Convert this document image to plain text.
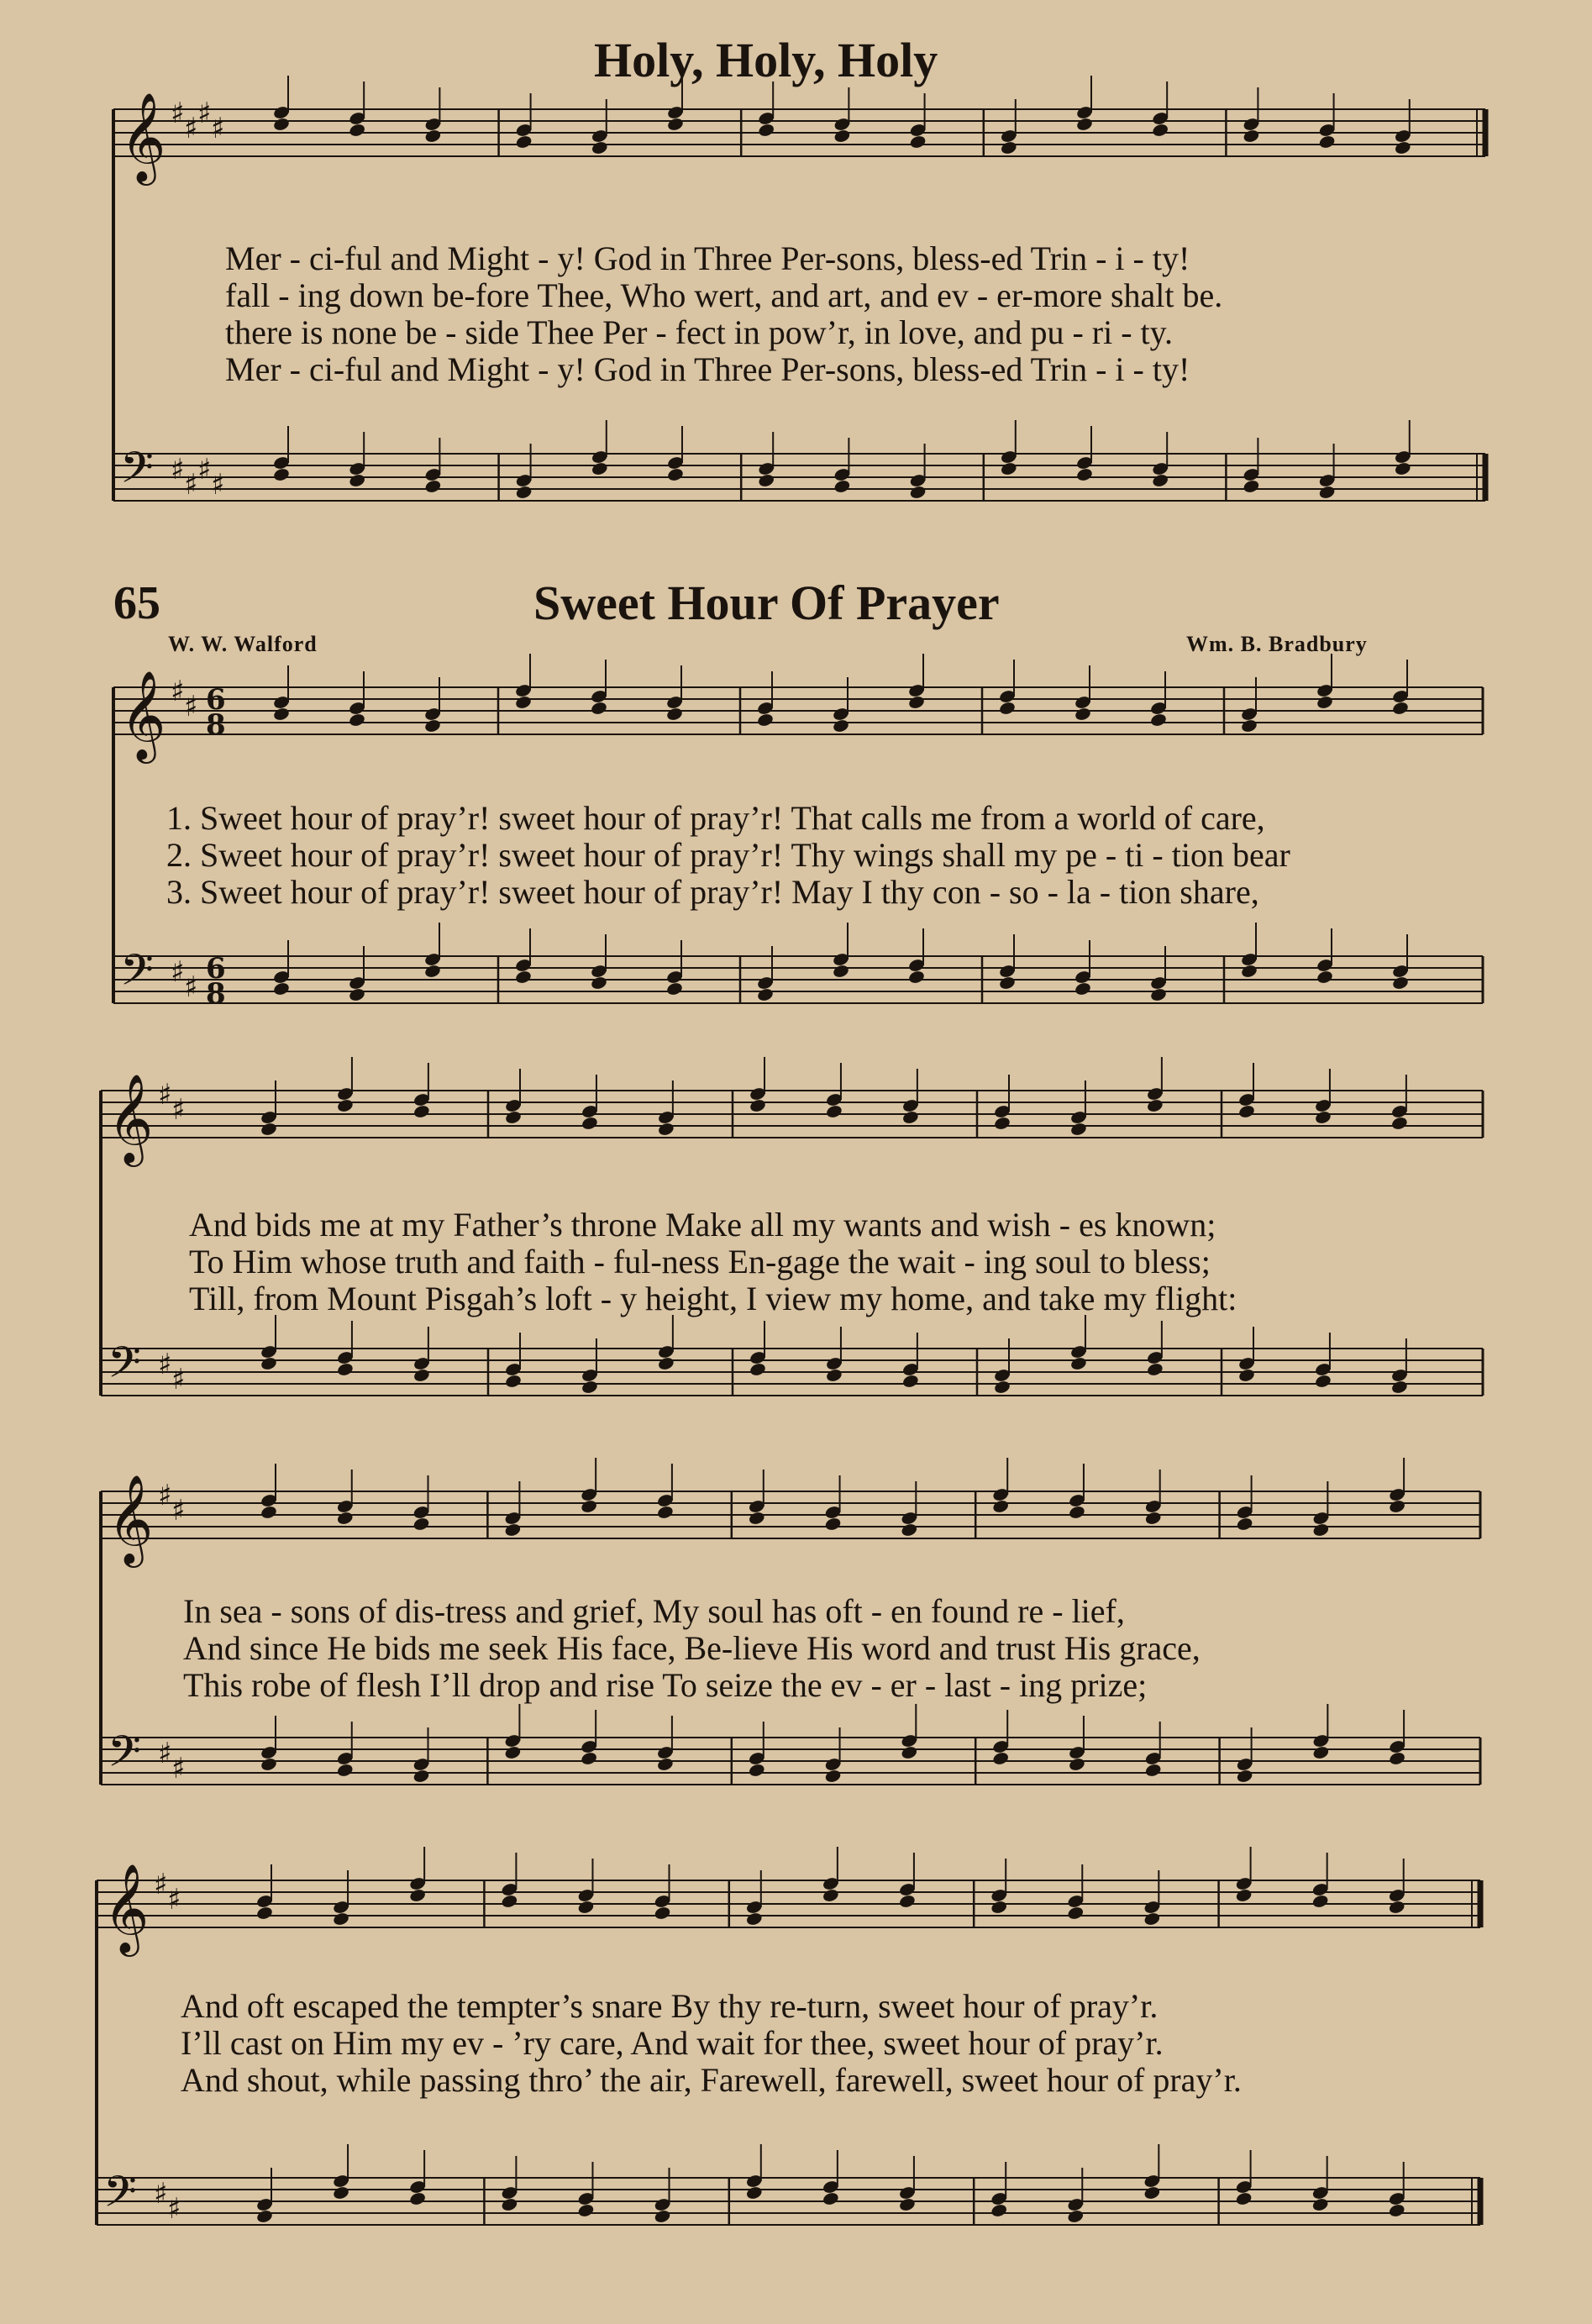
𝄞 ♯ ♯ ♯ ♯
𝄢 ♯ ♯ ♯ ♯
𝄞 ♯ ♯ 6
8
𝄢 ♯ ♯
6
8
𝄞 ♯ ♯
𝄢 ♯ ♯
𝄞 ♯ ♯
𝄢 ♯ ♯
𝄞 ♯ ♯
𝄢 ♯ ♯
Holy, Holy, Holy
Mer - ci-ful and Might - y! God in Three Per-sons, bless-ed Trin - i - ty!
fall - ing down be-fore Thee, Who wert, and art, and ev - er-more shalt be.
there is none be - side Thee Per - fect in pow’r, in love, and pu - ri - ty.
Mer - ci-ful and Might - y! God in Three Per-sons, bless-ed Trin - i - ty!
65	Sweet Hour Of Prayer
W. W. Walford	Wm. B. Bradbury
1. Sweet hour of pray’r! sweet hour of pray’r! That calls me from a world of care,
2. Sweet hour of pray’r! sweet hour of pray’r! Thy wings shall my pe - ti - tion bear
3. Sweet hour of pray’r! sweet hour of pray’r! May I thy con - so - la - tion share,
And bids me at my Father’s throne Make all my wants and wish - es known;
To Him whose truth and faith - ful-ness En-gage the wait - ing soul to bless;
Till, from Mount Pisgah’s loft - y height, I view my home, and take my flight:
In sea - sons of dis-tress and grief, My soul has oft - en found re - lief,
And since He bids me seek His face, Be-lieve His word and trust His grace,
This robe of flesh I’ll drop and rise To seize the ev - er - last - ing prize;
And oft escaped the tempter’s snare By thy re-turn, sweet hour of pray’r.
I’ll cast on Him my ev - ’ry care, And wait for thee, sweet hour of pray’r.
And shout, while passing thro’ the air, Farewell, farewell, sweet hour of pray’r.
